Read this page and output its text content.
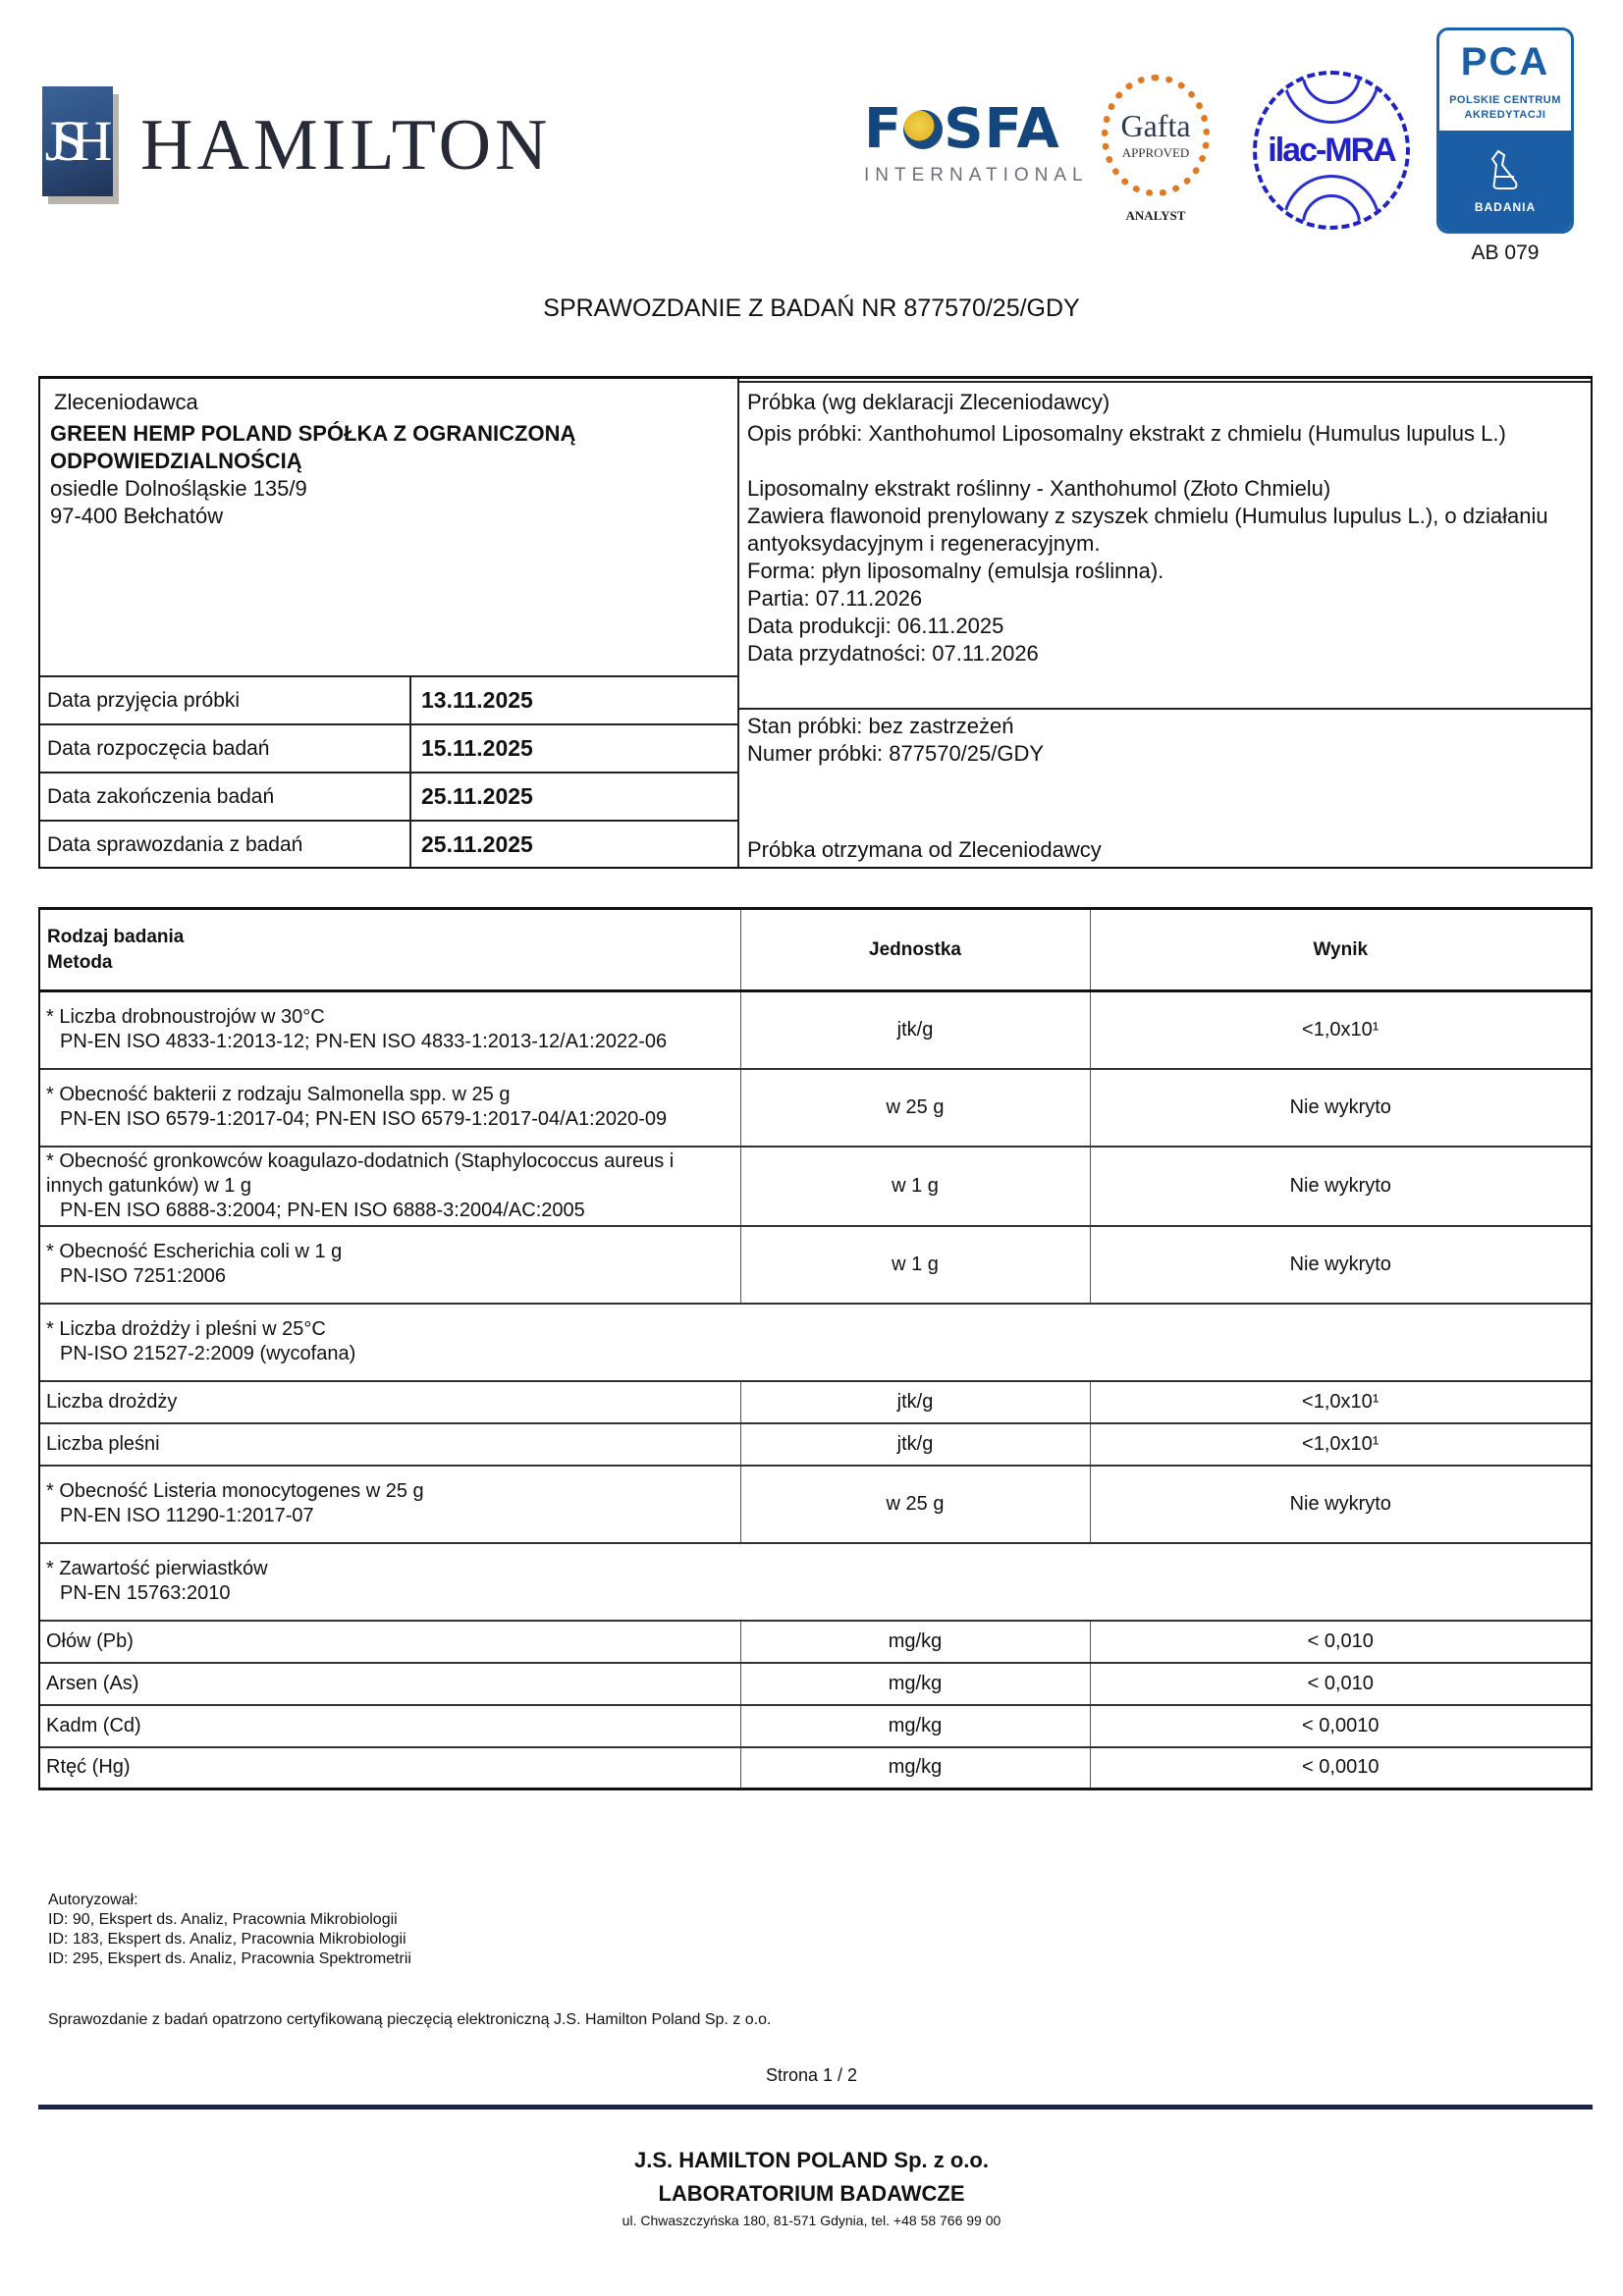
JSH HAMILTON	F SFA
INTERNATIONAL
Gafta
APPROVED
ANALYST
ilac-MRA
PCA
POLSKIE CENTRUM
AKREDYTACJI
BADANIA
AB 079
SPRAWOZDANIE Z BADAŃ NR 877570/25/GDY
Zleceniodawca
GREEN HEMP POLAND SPÓŁKA Z OGRANICZONĄ ODPOWIEDZIALNOŚCIĄ
osiedle Dolnośląskie 135/9
97-400 Bełchatów
Data przyjęcia próbki	13.11.2025
Data rozpoczęcia badań	15.11.2025
Data zakończenia badań	25.11.2025
Data sprawozdania z badań	25.11.2025
Próbka (wg deklaracji Zleceniodawcy)
Opis próbki: Xanthohumol Liposomalny ekstrakt z chmielu (Humulus lupulus L.)
Liposomalny ekstrakt roślinny - Xanthohumol (Złoto Chmielu)
Zawiera flawonoid prenylowany z szyszek chmielu (Humulus lupulus L.), o działaniu antyoksydacyjnym i regeneracyjnym.
Forma: płyn liposomalny (emulsja roślinna).
Partia: 07.11.2026
Data produkcji: 06.11.2025
Data przydatności: 07.11.2026
Stan próbki: bez zastrzeżeń
Numer próbki: 877570/25/GDY
Próbka otrzymana od Zleceniodawcy
Rodzaj badania
Metoda	Jednostka	Wynik

* Liczba drobnoustrojów w 30°C
PN-EN ISO 4833-1:2013-12; PN-EN ISO 4833-1:2013-12/A1:2022-06	jtk/g	<1,0x10¹

* Obecność bakterii z rodzaju Salmonella spp. w 25 g
PN-EN ISO 6579-1:2017-04; PN-EN ISO 6579-1:2017-04/A1:2020-09	w 25 g	Nie wykryto

* Obecność gronkowców koagulazo-dodatnich (Staphylococcus aureus i innych gatunków) w 1 g
PN-EN ISO 6888-3:2004; PN-EN ISO 6888-3:2004/AC:2005	w 1 g	Nie wykryto

* Obecność Escherichia coli w 1 g
PN-ISO 7251:2006	w 1 g	Nie wykryto

* Liczba drożdży i pleśni w 25°C
PN-ISO 21527-2:2009 (wycofana)		

Liczba drożdży	jtk/g	<1,0x10¹
Liczba pleśni	jtk/g	<1,0x10¹

* Obecność Listeria monocytogenes w 25 g
PN-EN ISO 11290-1:2017-07	w 25 g	Nie wykryto

* Zawartość pierwiastków
PN-EN 15763:2010		

Ołów (Pb)	mg/kg	< 0,010
Arsen (As)	mg/kg	< 0,010
Kadm (Cd)	mg/kg	< 0,0010
Rtęć (Hg)	mg/kg	< 0,0010
Autoryzował:
ID: 90, Ekspert ds. Analiz, Pracownia Mikrobiologii
ID: 183, Ekspert ds. Analiz, Pracownia Mikrobiologii
ID: 295, Ekspert ds. Analiz, Pracownia Spektrometrii
Sprawozdanie z badań opatrzono certyfikowaną pieczęcią elektroniczną J.S. Hamilton Poland Sp. z o.o.
Strona 1 / 2
J.S. HAMILTON POLAND Sp. z o.o.
LABORATORIUM BADAWCZE
ul. Chwaszczyńska 180, 81-571 Gdynia, tel. +48 58 766 99 00
